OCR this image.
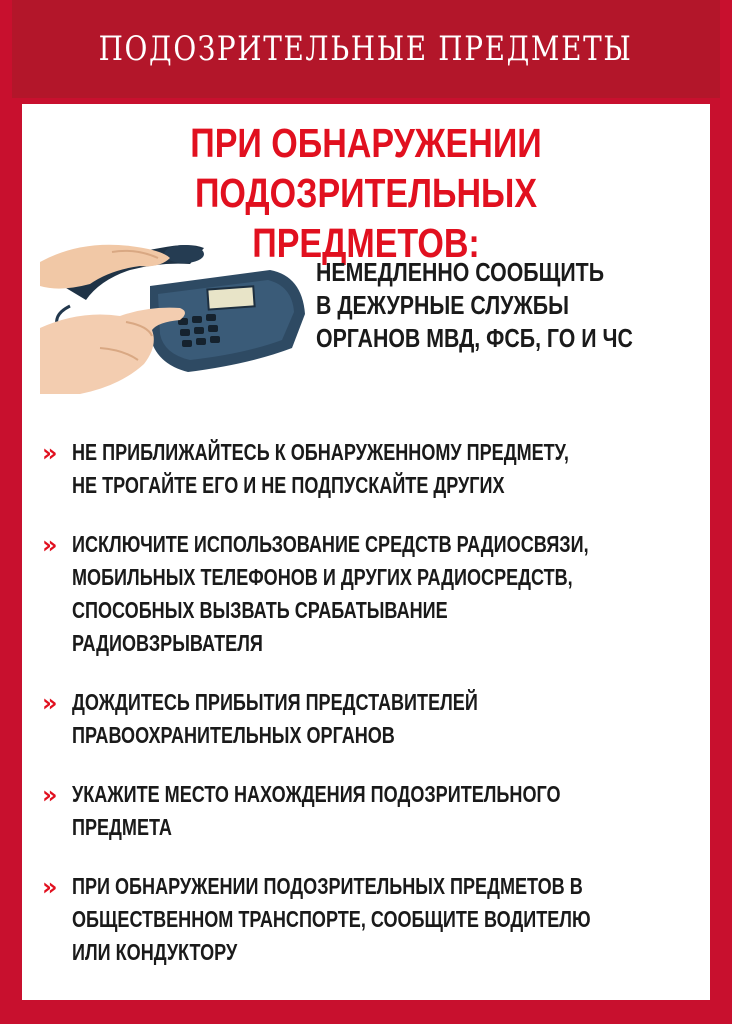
ПОДОЗРИТЕЛЬНЫЕ ПРЕДМЕТЫ
ПРИ ОБНАРУЖЕНИИ
ПОДОЗРИТЕЛЬНЫХ ПРЕДМЕТОВ:
НЕМЕДЛЕННО СООБЩИТЬ
В ДЕЖУРНЫЕ СЛУЖБЫ
ОРГАНОВ МВД, ФСБ, ГО И ЧС
» НЕ ПРИБЛИЖАЙТЕСЬ К ОБНАРУЖЕННОМУ ПРЕДМЕТУ,
НЕ ТРОГАЙТЕ ЕГО И НЕ ПОДПУСКАЙТЕ ДРУГИХ
» ИСКЛЮЧИТЕ ИСПОЛЬЗОВАНИЕ СРЕДСТВ РАДИОСВЯЗИ,
МОБИЛЬНЫХ ТЕЛЕФОНОВ И ДРУГИХ РАДИОСРЕДСТВ,
СПОСОБНЫХ ВЫЗВАТЬ СРАБАТЫВАНИЕ
РАДИОВЗРЫВАТЕЛЯ
» ДОЖДИТЕСЬ ПРИБЫТИЯ ПРЕДСТАВИТЕЛЕЙ
ПРАВООХРАНИТЕЛЬНЫХ ОРГАНОВ
» УКАЖИТЕ МЕСТО НАХОЖДЕНИЯ ПОДОЗРИТЕЛЬНОГО
ПРЕДМЕТА
» ПРИ ОБНАРУЖЕНИИ ПОДОЗРИТЕЛЬНЫХ ПРЕДМЕТОВ В
ОБЩЕСТВЕННОМ ТРАНСПОРТЕ, СООБЩИТЕ ВОДИТЕЛЮ
ИЛИ КОНДУКТОРУ
